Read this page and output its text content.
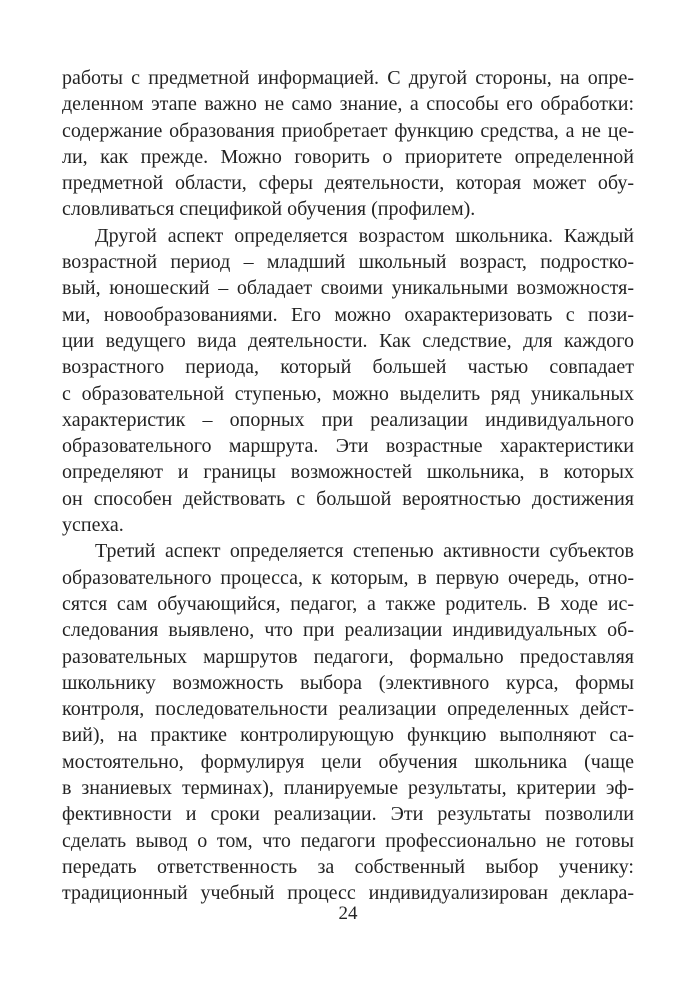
работы с предметной информацией. С другой стороны, на опре-
деленном этапе важно не само знание, а способы его обработки:
содержание образования приобретает функцию средства, а не це-
ли, как прежде. Можно говорить о приоритете определенной
предметной области, сферы деятельности, которая может обу-
словливаться спецификой обучения (профилем).
Другой аспект определяется возрастом школьника. Каждый
возрастной период – младший школьный возраст, подростко-
вый, юношеский – обладает своими уникальными возможностя-
ми, новообразованиями. Его можно охарактеризовать с пози-
ции ведущего вида деятельности. Как следствие, для каждого
возрастного периода, который большей частью совпадает
с образовательной ступенью, можно выделить ряд уникальных
характеристик – опорных при реализации индивидуального
образовательного маршрута. Эти возрастные характеристики
определяют и границы возможностей школьника, в которых
он способен действовать с большой вероятностью достижения
успеха.
Третий аспект определяется степенью активности субъектов
образовательного процесса, к которым, в первую очередь, отно-
сятся сам обучающийся, педагог, а также родитель. В ходе ис-
следования выявлено, что при реализации индивидуальных об-
разовательных маршрутов педагоги, формально предоставляя
школьнику возможность выбора (элективного курса, формы
контроля, последовательности реализации определенных дейст-
вий), на практике контролирующую функцию выполняют са-
мостоятельно, формулируя цели обучения школьника (чаще
в знаниевых терминах), планируемые результаты, критерии эф-
фективности и сроки реализации. Эти результаты позволили
сделать вывод о том, что педагоги профессионально не готовы
передать ответственность за собственный выбор ученику:
традиционный учебный процесс индивидуализирован деклара-
24
